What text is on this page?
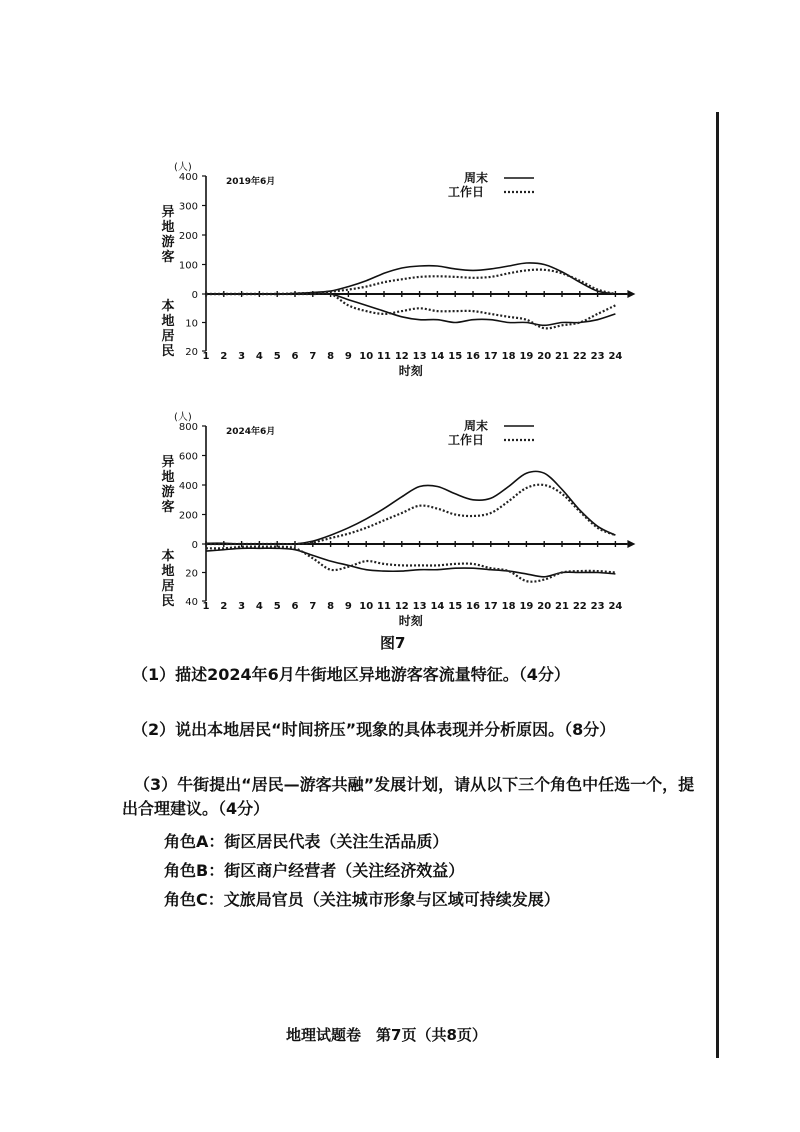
(人)
2019年6月
0
100
200
300
400
10
20
异
地
游
客
本
地
居
民	1 2 3 4 5 6 7 8 9 10 11 12 13 14 15 16 17 18 19 20 21 22 23 24
时刻
周末
工作日
(人)
2024年6月
0
200
400
600
800
20
40
异
地
游
客
本
地
居
民	1 2 3 4 5 6 7 8 9 10 11 12 13 14 15 16 17 18 19 20 21 22 23 24
时刻
周末
工作日
图7
（1）描述2024年6月牛街地区异地游客客流量特征。（4分）
（2）说出本地居民“时间挤压”现象的具体表现并分析原因。（8分）
（3）牛街提出“居民—游客共融”发展计划，请从以下三个角色中任选一个，提出合理建议。（4分）
角色A：街区居民代表（关注生活品质）
角色B：街区商户经营者（关注经济效益）
角色C：文旅局官员（关注城市形象与区域可持续发展）
地理试题卷　第7页（共8页）
